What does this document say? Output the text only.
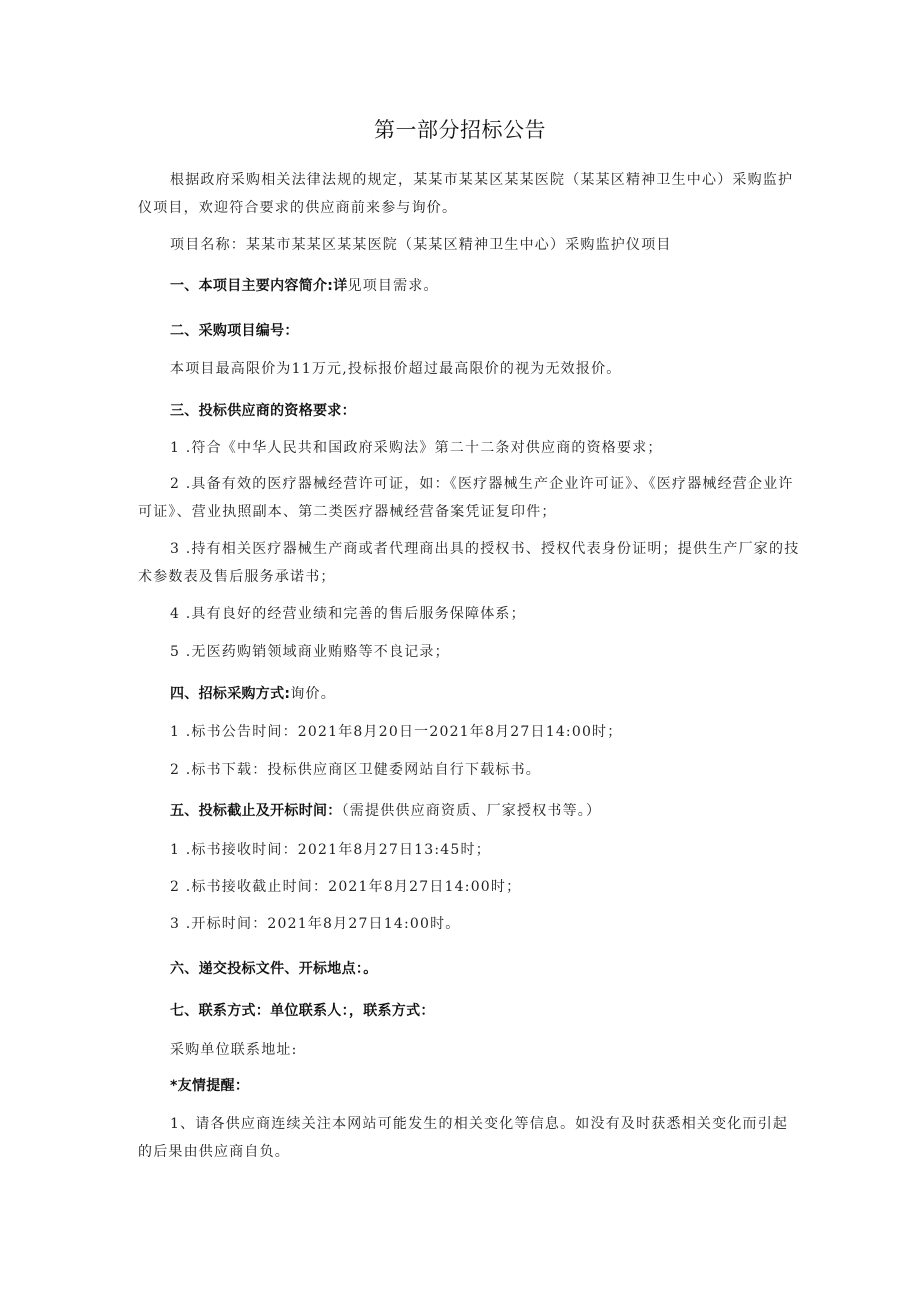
第一部分招标公告
根据政府采购相关法律法规的规定，某某市某某区某某医院（某某区精神卫生中心）采购监护仪项目，欢迎符合要求的供应商前来参与询价。
项目名称：某某市某某区某某医院（某某区精神卫生中心）采购监护仪项目
一、本项目主要内容简介:详见项目需求。
二、采购项目编号：
本项目最高限价为11万元,投标报价超过最高限价的视为无效报价。
三、投标供应商的资格要求：
1 .符合《中华人民共和国政府采购法》第二十二条对供应商的资格要求；
2 .具备有效的医疗器械经营许可证，如：《医疗器械生产企业许可证》、《医疗器械经营企业许可证》、营业执照副本、第二类医疗器械经营备案凭证复印件；
3 .持有相关医疗器械生产商或者代理商出具的授权书、授权代表身份证明；提供生产厂家的技术参数表及售后服务承诺书；
4 .具有良好的经营业绩和完善的售后服务保障体系；
5 .无医药购销领域商业贿赂等不良记录；
四、招标采购方式:询价。
1 .标书公告时间：2021年8月20日一2021年8月27日14:00时；
2 .标书下载：投标供应商区卫健委网站自行下载标书。
五、投标截止及开标时间：（需提供供应商资质、厂家授权书等。）
1 .标书接收时间：2021年8月27日13:45时；
2 .标书接收截止时间：2021年8月27日14:00时；
3 .开标时间：2021年8月27日14:00时。
六、递交投标文件、开标地点：。
七、联系方式：单位联系人：，联系方式：
采购单位联系地址:
*友情提醒：
1、请各供应商连续关注本网站可能发生的相关变化等信息。如没有及时获悉相关变化而引起的后果由供应商自负。
